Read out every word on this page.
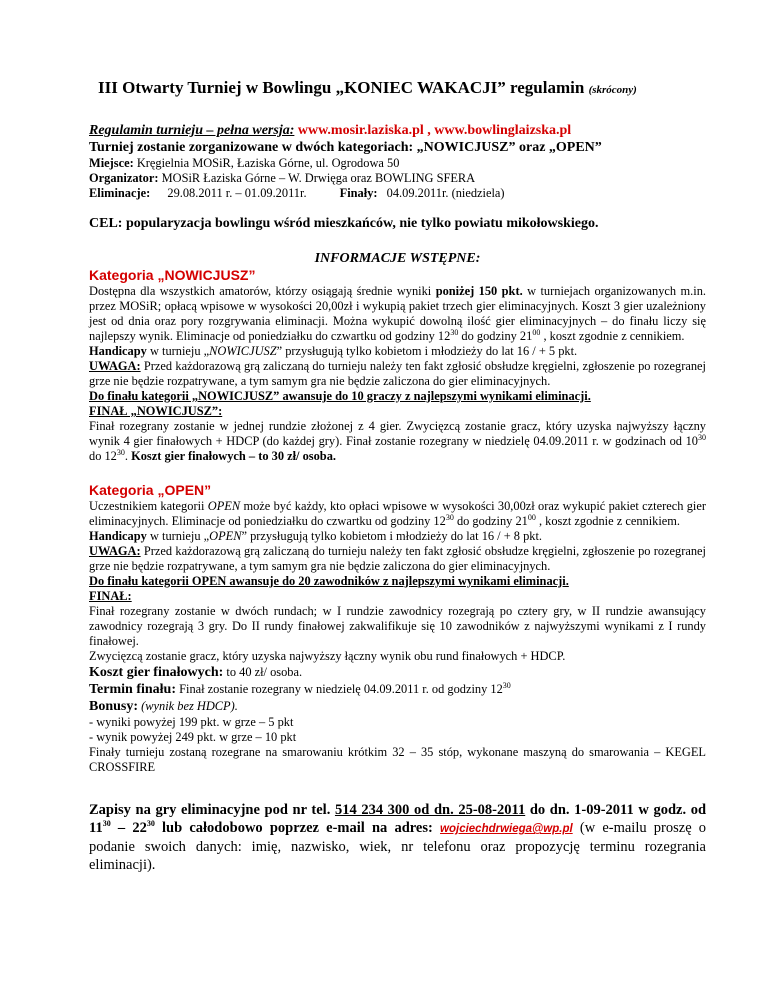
III Otwarty Turniej w Bowlingu „KONIEC WAKACJI” regulamin (skrócony)

Regulamin turnieju – pełna wersja: www.mosir.laziska.pl , www.bowlinglaizska.pl

Turniej zostanie zorganizowane w dwóch kategoriach: „NOWICJUSZ” oraz „OPEN”

Miejsce: Kręgielnia MOSiR, Łaziska Górne, ul. Ogrodowa 50

Organizator: MOSiR Łaziska Górne – W. Drwięga oraz BOWLING SFERA

Eliminacje: 29.08.2011 r. – 01.09.2011r.	Finały: 04.09.2011r. (niedziela)

CEL: popularyzacja bowlingu wśród mieszkańców, nie tylko powiatu mikołowskiego.

INFORMACJE WSTĘPNE:

Kategoria „NOWICJUSZ”

Dostępna dla wszystkich amatorów, którzy osiągają średnie wyniki poniżej 150 pkt. w turniejach organizowanych m.in. przez MOSiR; opłacą wpisowe w wysokości 20,00zł i wykupią pakiet trzech gier eliminacyjnych. Koszt 3 gier uzależniony jest od dnia oraz pory rozgrywania eliminacji. Można wykupić dowolną ilość gier eliminacyjnych – do finału liczy się najlepszy wynik. Eliminacje od poniedziałku do czwartku od godziny $12^{30}$ do godziny $21^{00}$ , koszt zgodnie z cennikiem.

Handicapy w turnieju „NOWICJUSZ” przysługują tylko kobietom i młodzieży do lat 16 / + 5 pkt.

UWAGA: Przed każdorazową grą zaliczaną do turnieju należy ten fakt zgłosić obsłudze kręgielni, zgłoszenie po rozegranej grze nie będzie rozpatrywane, a tym samym gra nie będzie zaliczona do gier eliminacyjnych.

Do finału kategorii „NOWICJUSZ” awansuje do 10 graczy z najlepszymi wynikami eliminacji.

FINAŁ „NOWICJUSZ”:

Finał rozegrany zostanie w jednej rundzie złożonej z 4 gier. Zwycięzcą zostanie gracz, który uzyska najwyższy łączny wynik 4 gier finałowych + HDCP (do każdej gry). Finał zostanie rozegrany w niedzielę 04.09.2011 r. w godzinach od $10^{30}$ do $12^{30}$. Koszt gier finałowych – to 30 zł/ osoba.

Kategoria „OPEN”

Uczestnikiem kategorii OPEN może być każdy, kto opłaci wpisowe w wysokości 30,00zł oraz wykupić pakiet czterech gier eliminacyjnych. Eliminacje od poniedziałku do czwartku od godziny $12^{30}$ do godziny $21^{00}$ , koszt zgodnie z cennikiem.

Handicapy w turnieju „OPEN” przysługują tylko kobietom i młodzieży do lat 16 / + 8 pkt.

UWAGA: Przed każdorazową grą zaliczaną do turnieju należy ten fakt zgłosić obsłudze kręgielni, zgłoszenie po rozegranej grze nie będzie rozpatrywane, a tym samym gra nie będzie zaliczona do gier eliminacyjnych.

Do finału kategorii OPEN awansuje do 20 zawodników z najlepszymi wynikami eliminacji.

FINAŁ:

Finał rozegrany zostanie w dwóch rundach; w I rundzie zawodnicy rozegrają po cztery gry, w II rundzie awansujący zawodnicy rozegrają 3 gry. Do II rundy finałowej zakwalifikuje się 10 zawodników z najwyższymi wynikami z I rundy finałowej.

Zwycięzcą zostanie gracz, który uzyska najwyższy łączny wynik obu rund finałowych + HDCP.

Koszt gier finałowych: to 40 zł/ osoba.

Termin finału: Finał zostanie rozegrany w niedzielę 04.09.2011 r. od godziny $12^{30}$

Bonusy: (wynik bez HDCP).

- wyniki powyżej 199 pkt. w grze – 5 pkt

- wynik powyżej 249 pkt. w grze – 10 pkt

Finały turnieju zostaną rozegrane na smarowaniu krótkim 32 – 35 stóp, wykonane maszyną do smarowania – KEGEL CROSSFIRE

Zapisy na gry eliminacyjne pod nr tel. 514 234 300 od dn. 25-08-2011 do dn. 1-09-2011 w godz. od $11^{30} - 22^{30}$ lub całodobowo poprzez e-mail na adres: wojciechdrwiega@wp.pl (w e-mailu proszę o podanie swoich danych: imię, nazwisko, wiek, nr telefonu oraz propozycję terminu rozegrania eliminacji).
